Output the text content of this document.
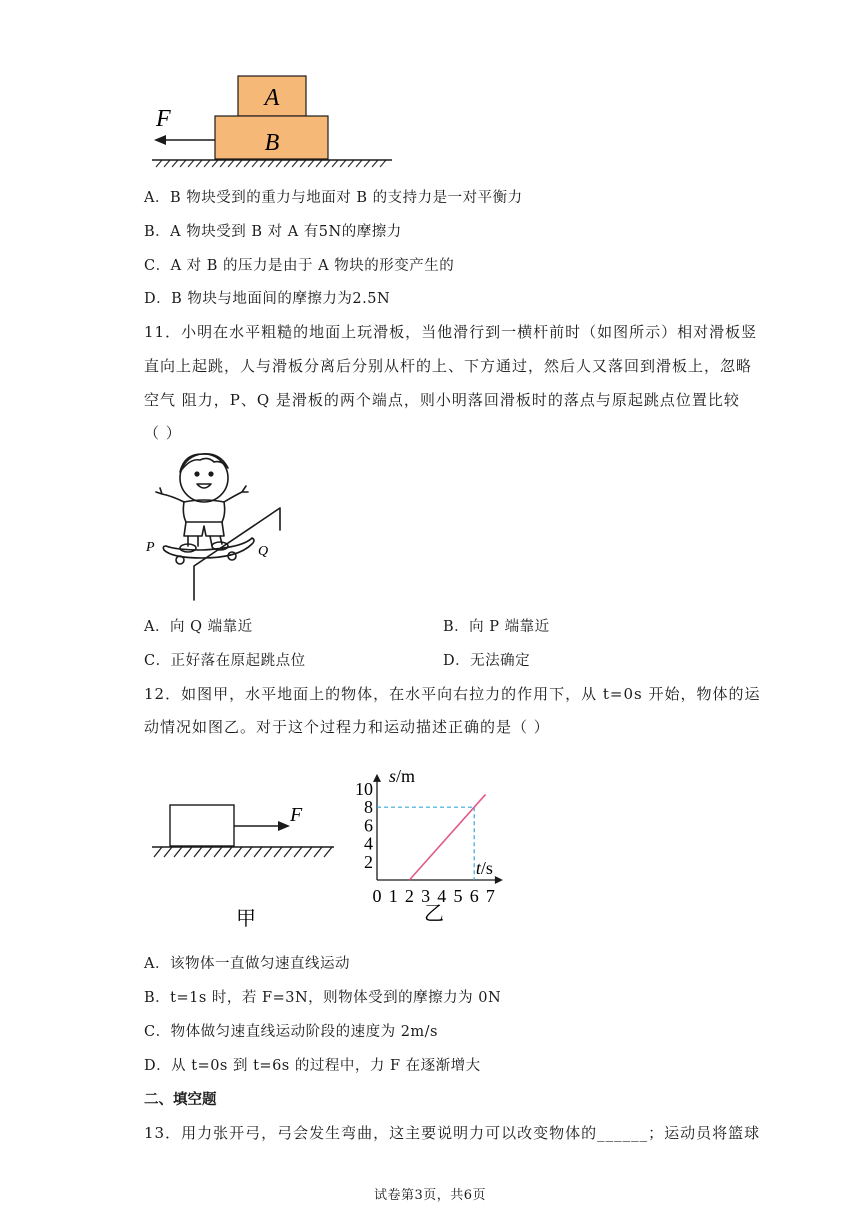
A
B
F
A．B 物块受到的重力与地面对 B 的支持力是一对平衡力
B．A 物块受到 B 对 A 有5N的摩擦力
C．A 对 B 的压力是由于 A 物块的形变产生的
D．B 物块与地面间的摩擦力为2.5N
11．小明在水平粗糙的地面上玩滑板，当他滑行到一横杆前时（如图所示）相对滑板竖
直向上起跳，人与滑板分离后分别从杆的上、下方通过，然后人又落回到滑板上，忽略
空气 阻力，P、Q 是滑板的两个端点，则小明落回滑板时的落点与原起跳点位置比较
（ ）
P	Q
A．向 Q 端靠近	B．向 P 端靠近
C．正好落在原起跳点位	D．无法确定
12．如图甲，水平地面上的物体，在水平向右拉力的作用下，从 t=0s 开始，物体的运
动情况如图乙。对于这个过程力和运动描述正确的是（ ）
F
甲
0 1 2 3 4 5 6 7
2
4
6
8
10
s/m
t/s
乙
二、填空题
13．用力张开弓，弓会发生弯曲，这主要说明力可以改变物体的______；运动员将篮球
试卷第3页，共6页
A．该物体一直做匀速直线运动
B．t=1s 时，若 F=3N，则物体受到的摩擦力为 0N
C．物体做匀速直线运动阶段的速度为 2m/s
D．从 t=0s 到 t=6s 的过程中，力 F 在逐渐增大
